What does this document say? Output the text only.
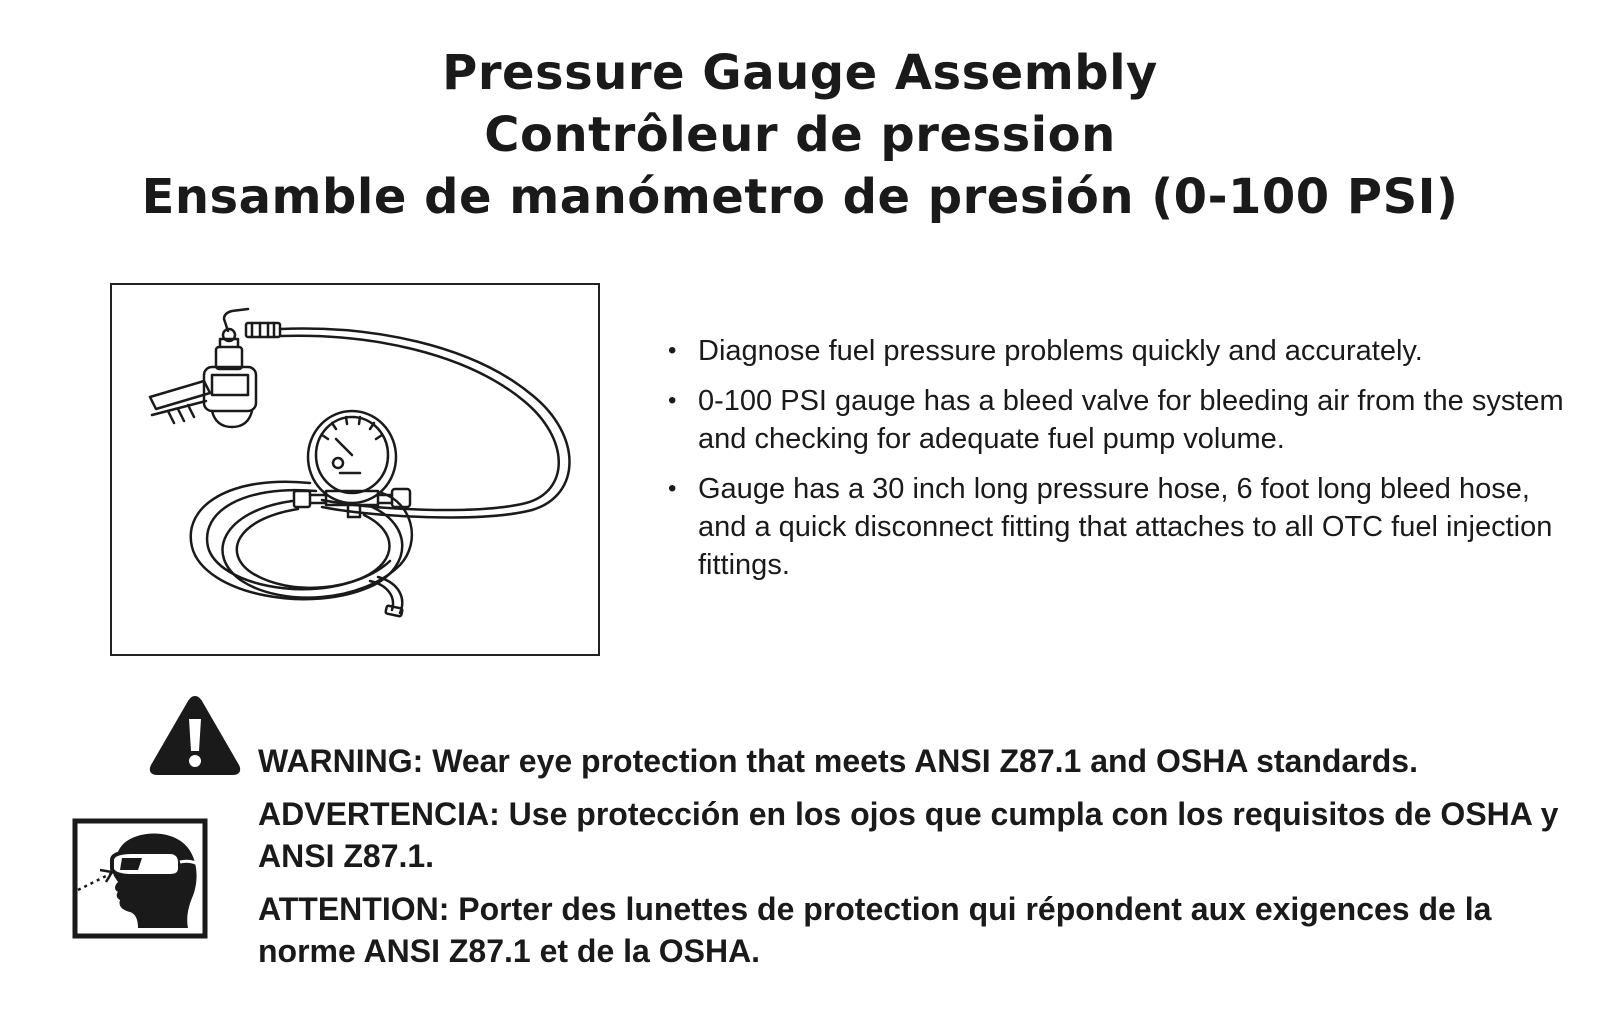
Pressure Gauge Assembly
Contrôleur de pression
Ensamble de manómetro de presión (0-100 PSI)
• Diagnose fuel pressure problems quickly and accurately.
• 0-100 PSI gauge has a bleed valve for bleeding air from the system and checking for adequate fuel pump volume.
• Gauge has a 30 inch long pressure hose, 6 foot long bleed hose, and a quick disconnect fitting that attaches to all OTC fuel injection fittings.

WARNING: Wear eye protection that meets ANSI Z87.1 and OSHA standards.

ADVERTENCIA: Use protección en los ojos que cumpla con los requisitos de OSHA y ANSI Z87.1.

ATTENTION: Porter des lunettes de protection qui répondent aux exigences de la norme ANSI Z87.1 et de la OSHA.
